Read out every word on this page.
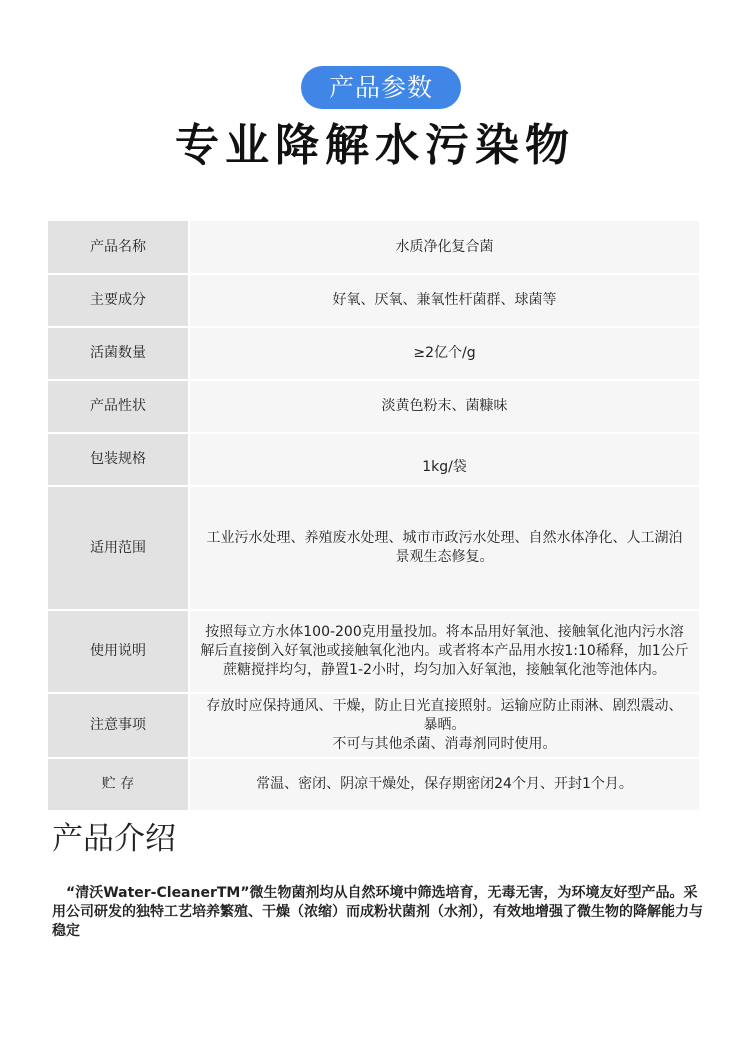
产品参数
专业降解水污染物
产品名称	水质净化复合菌
主要成分	好氧、厌氧、兼氧性杆菌群、球菌等
活菌数量	≥2亿个/g
产品性状	淡黄色粉末、菌糠味
包装规格	1kg/袋
适用范围	工业污水处理、养殖废水处理、城市市政污水处理、自然水体净化、人工湖泊景观生态修复。
使用说明	按照每立方水体100-200克用量投加。将本品用好氧池、接触氧化池内污水溶解后直接倒入好氧池或接触氧化池内。或者将本产品用水按1:10稀释，加1公斤蔗糖搅拌均匀，静置1-2小时，均匀加入好氧池，接触氧化池等池体内。
注意事项	存放时应保持通风、干燥，防止日光直接照射。运输应防止雨淋、剧烈震动、暴晒。
不可与其他杀菌、消毒剂同时使用。

贮 存	常温、密闭、阴凉干燥处，保存期密闭24个月、开封1个月。
产品介绍
“清沃Water-CleanerTM”微生物菌剂均从自然环境中筛选培育，无毒无害，为环境友好型产品。采用公司研发的独特工艺培养繁殖、干燥（浓缩）而成粉状菌剂（水剂），有效地增强了微生物的降解能力与稳定
